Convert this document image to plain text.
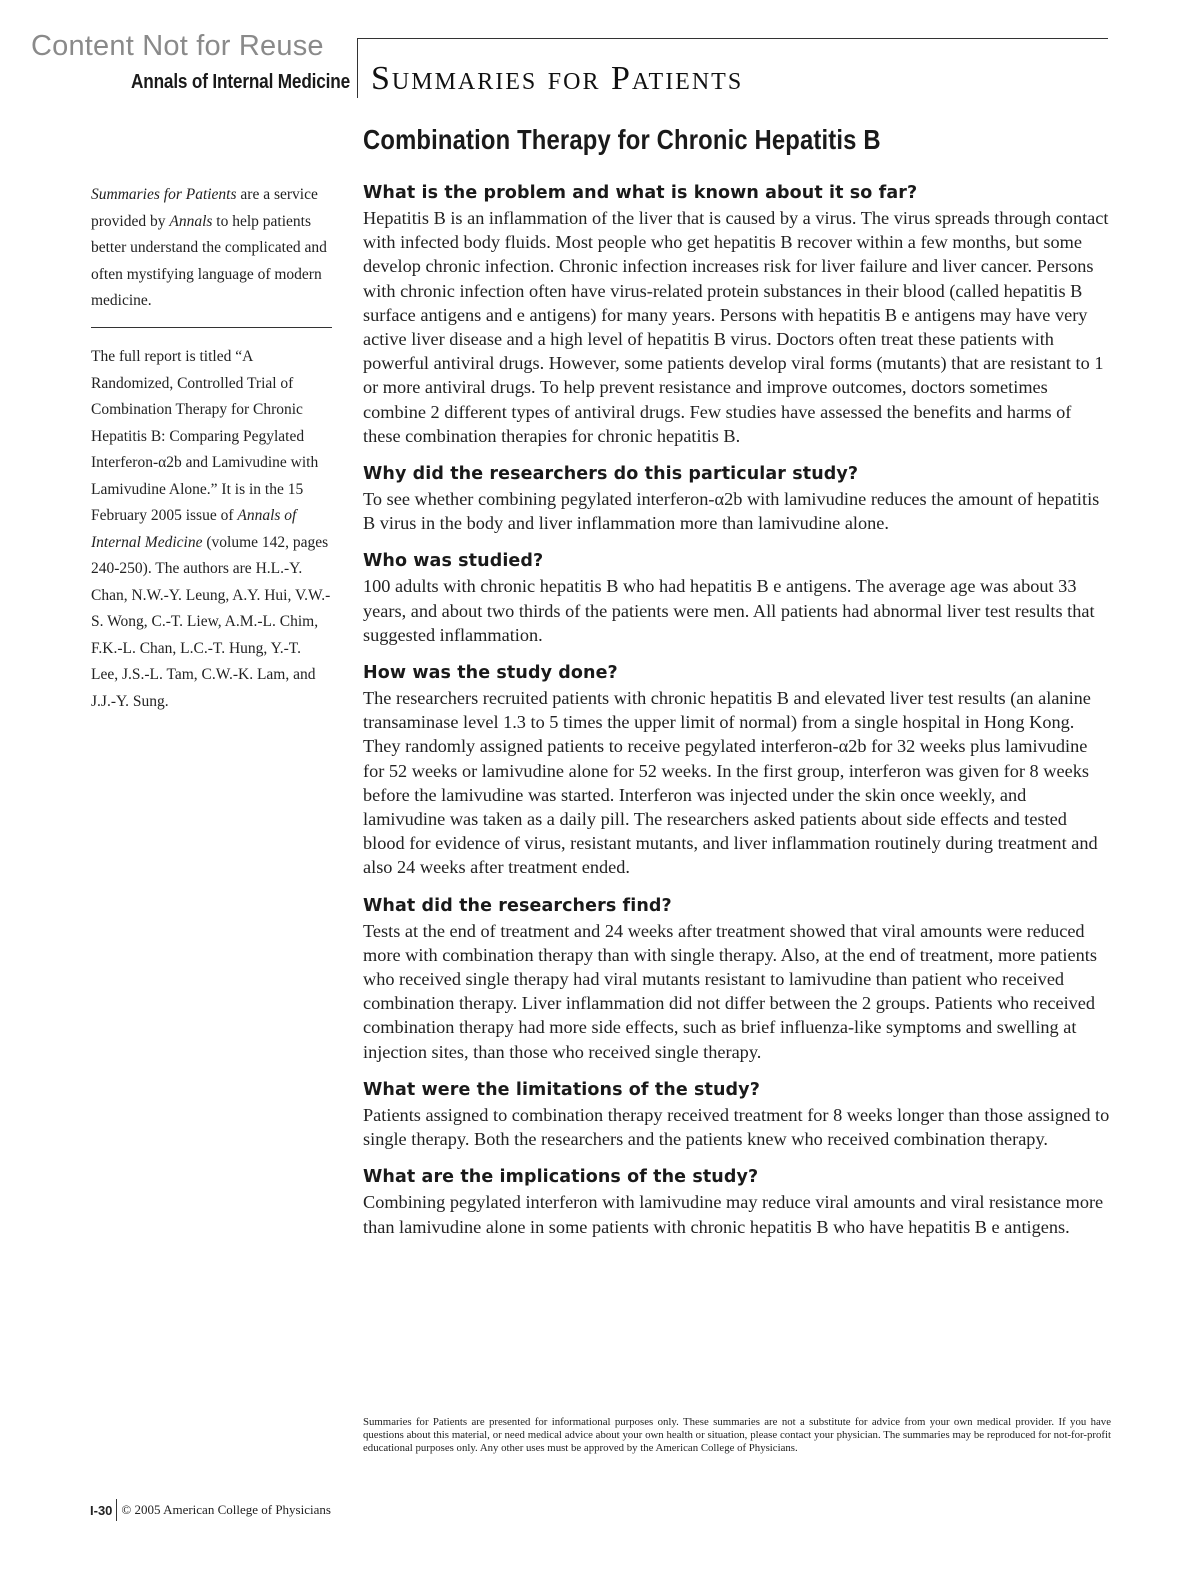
Content Not for Reuse
Annals of Internal Medicine Summaries for Patients
Combination Therapy for Chronic Hepatitis B
Summaries for Patients are a service provided by Annals to help patients better understand the complicated and often mystifying language of modern medicine.
The full report is titled “A Randomized, Controlled Trial of Combination Therapy for Chronic Hepatitis B: Comparing Pegylated Interferon-α2b and Lamivudine with Lamivudine Alone.” It is in the 15 February 2005 issue of Annals of Internal Medicine (volume 142, pages 240-250). The authors are H.L.-Y. Chan, N.W.-Y. Leung, A.Y. Hui, V.W.-S. Wong, C.-T. Liew, A.M.-L. Chim, F.K.-L. Chan, L.C.-T. Hung, Y.-T. Lee, J.S.-L. Tam, C.W.-K. Lam, and J.J.-Y. Sung.
What is the problem and what is known about it so far?

Hepatitis B is an inflammation of the liver that is caused by a virus. The virus spreads through contact with infected body fluids. Most people who get hepatitis B recover within a few months, but some develop chronic infection. Chronic infection increases risk for liver failure and liver cancer. Persons with chronic infection often have virus-related protein substances in their blood (called hepatitis B surface antigens and e antigens) for many years. Persons with hepatitis B e antigens may have very active liver disease and a high level of hepatitis B virus. Doctors often treat these patients with powerful antiviral drugs. However, some patients develop viral forms (mutants) that are resistant to 1 or more antiviral drugs. To help prevent resistance and improve outcomes, doctors sometimes combine 2 different types of antiviral drugs. Few studies have assessed the benefits and harms of these combination therapies for chronic hepatitis B.

Why did the researchers do this particular study?

To see whether combining pegylated interferon-α2b with lamivudine reduces the amount of hepatitis B virus in the body and liver inflammation more than lamivudine alone.

Who was studied?

100 adults with chronic hepatitis B who had hepatitis B e antigens. The average age was about 33 years, and about two thirds of the patients were men. All patients had abnormal liver test results that suggested inflammation.

How was the study done?

The researchers recruited patients with chronic hepatitis B and elevated liver test results (an alanine transaminase level 1.3 to 5 times the upper limit of normal) from a single hospital in Hong Kong. They randomly assigned patients to receive pegylated interferon-α2b for 32 weeks plus lamivudine for 52 weeks or lamivudine alone for 52 weeks. In the first group, interferon was given for 8 weeks before the lamivudine was started. Interferon was injected under the skin once weekly, and lamivudine was taken as a daily pill. The researchers asked patients about side effects and tested blood for evidence of virus, resistant mutants, and liver inflammation routinely during treatment and also 24 weeks after treatment ended.

What did the researchers find?

Tests at the end of treatment and 24 weeks after treatment showed that viral amounts were reduced more with combination therapy than with single therapy. Also, at the end of treatment, more patients who received single therapy had viral mutants resistant to lamivudine than patient who received combination therapy. Liver inflammation did not differ between the 2 groups. Patients who received combination therapy had more side effects, such as brief influenza-like symptoms and swelling at injection sites, than those who received single therapy.

What were the limitations of the study?

Patients assigned to combination therapy received treatment for 8 weeks longer than those assigned to single therapy. Both the researchers and the patients knew who received combination therapy.

What are the implications of the study?

Combining pegylated interferon with lamivudine may reduce viral amounts and viral resistance more than lamivudine alone in some patients with chronic hepatitis B who have hepatitis B e antigens.

Summaries for Patients are presented for informational purposes only. These summaries are not a substitute for advice from your own medical provider. If you have questions about this material, or need medical advice about your own health or situation, please contact your physician. The summaries may be reproduced for not-for-profit educational purposes only. Any other uses must be approved by the American College of Physicians.
I-30 © 2005 American College of Physicians
